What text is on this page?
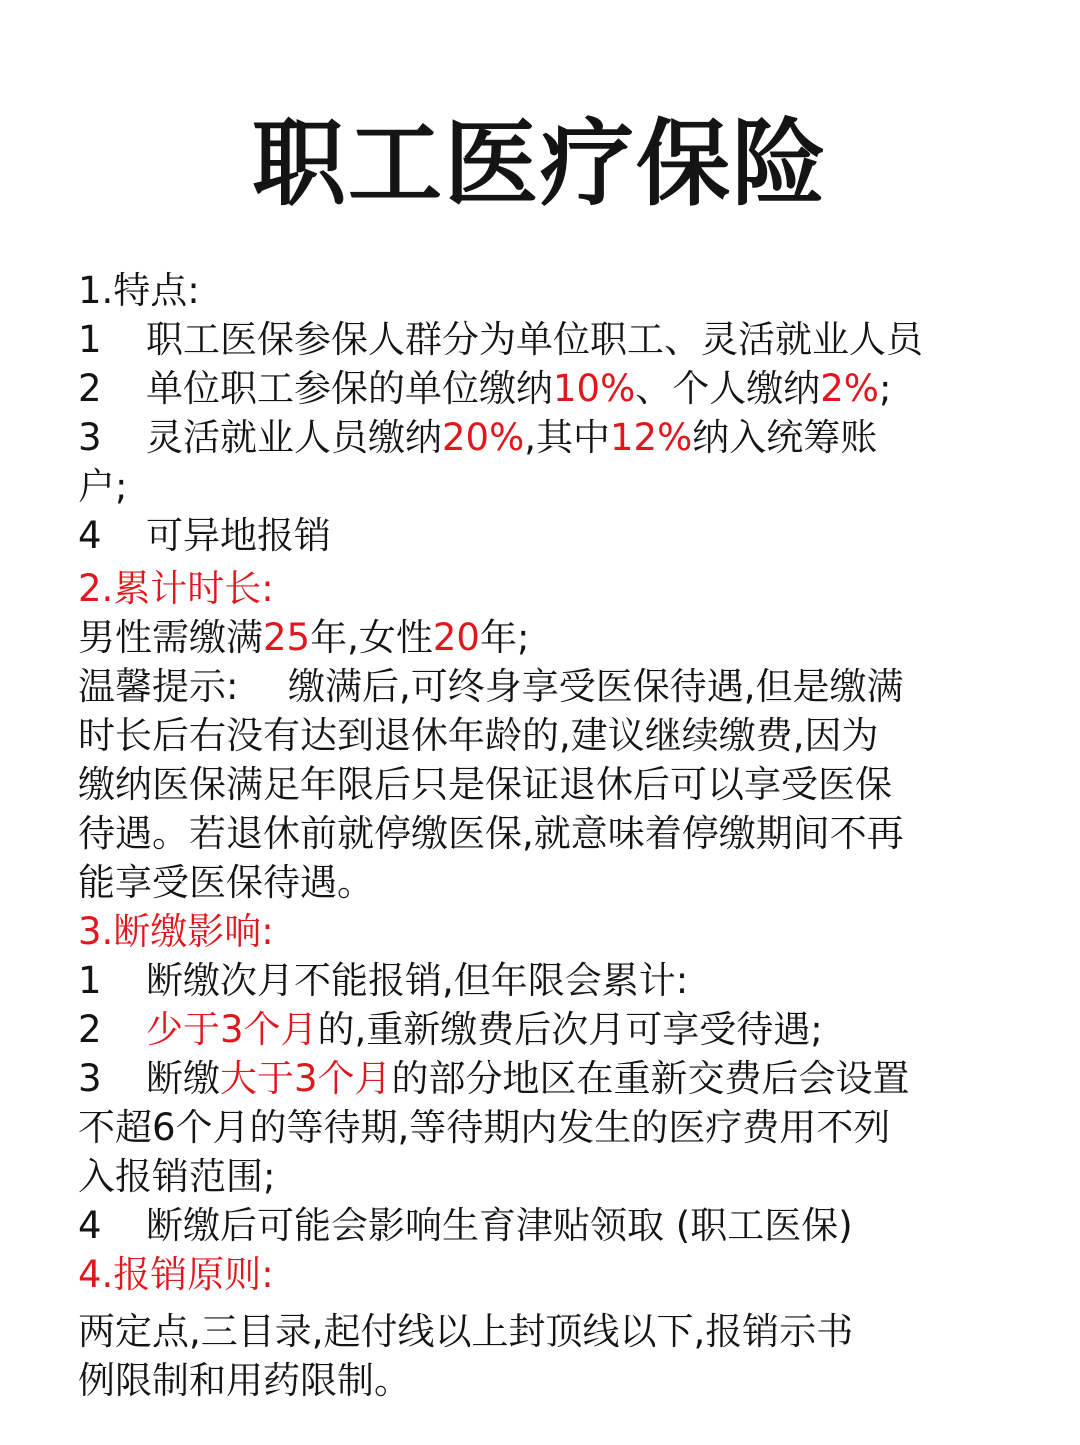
职工医疗保险
1.特点:
1 职工医保参保人群分为单位职工、灵活就业人员
2 单位职工参保的单位缴纳10%、个人缴纳2%;
3 灵活就业人员缴纳20%,其中12%纳入统筹账
户;
4 可异地报销
2.累计时长:
男性需缴满25年,女性20年;
温馨提示: 缴满后,可终身享受医保待遇,但是缴满
时长后右没有达到退休年龄的,建议继续缴费,因为
缴纳医保满足年限后只是保证退休后可以享受医保
待遇。若退休前就停缴医保,就意味着停缴期间不再
能享受医保待遇。
3.断缴影响:
1 断缴次月不能报销,但年限会累计:
2 少于3个月的,重新缴费后次月可享受待遇;
3 断缴大于3个月的部分地区在重新交费后会设置
不超6个月的等待期,等待期内发生的医疗费用不列
入报销范围;
4 断缴后可能会影响生育津贴领取 (职工医保)
4.报销原则:
两定点,三目录,起付线以上封顶线以下,报销示书
例限制和用药限制。
